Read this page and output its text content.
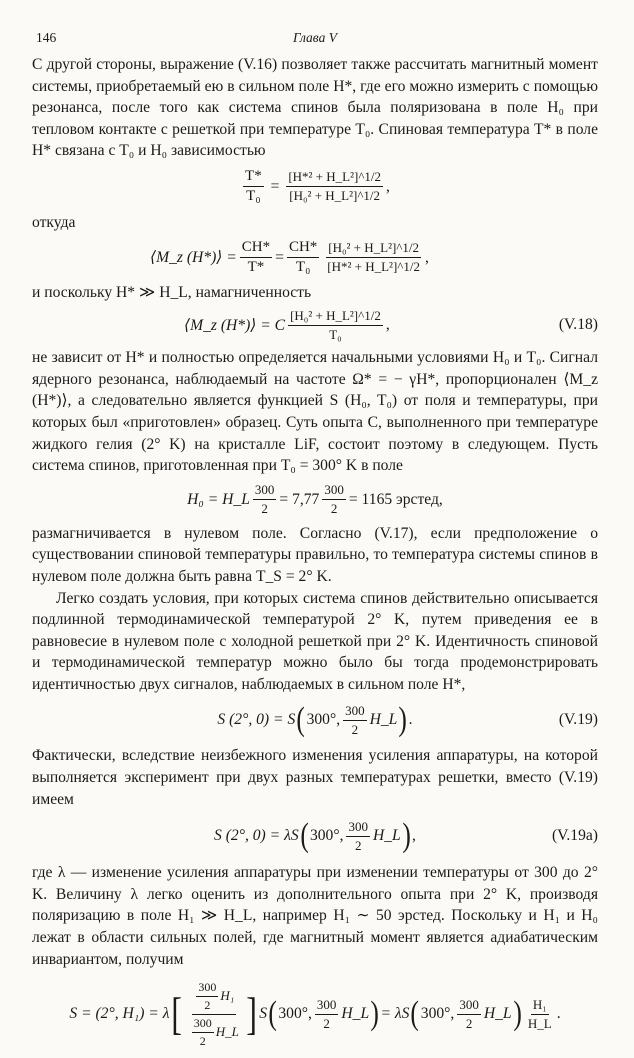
146	Глава V

С другой стороны, выражение (V.16) позволяет также рассчитать магнитный момент системы, приобретаемый ею в сильном поле H*, где его можно измерить с помощью резонанса, после того как система спинов была поляризована в поле H₀ при тепловом контакте с решеткой при температуре T₀. Спиновая температура T* в поле H* связана с T₀ и H₀ зависимостью

$\frac{T*}{\text{T₀}} = \frac{\text{[H*² + H\_L²]\textasciicircum{}1/2}}{\text{[H₀² + H\_L²]\textasciicircum{}1/2}}$ ,

откуда

⟨M_z (H*)⟩ = $\frac{CH*}{T*} = \frac{CH*}{\text{T₀}} \frac{\text{[H₀² + H\_L²]\textasciicircum{}1/2}}{\text{[H*² + H\_L²]\textasciicircum{}1/2}}$ ,

и поскольку H* ≫ H_L, намагниченность

⟨M_z (H*)⟩ = C $\frac{\text{[H₀² + H\_L²]\textasciicircum{}1/2}}{\text{T₀}}$ ,	(V.18)

не зависит от H* и полностью определяется начальными условиями H₀ и T₀. Сигнал ядерного резонанса, наблюдаемый на частоте Ω* = − γH*, пропорционален ⟨M_z (H*)⟩, а следовательно является функцией S (H₀, T₀) от поля и температуры, при которых был «приготовлен» образец. Суть опыта C, выполненного при температуре жидкого гелия (2° K) на кристалле LiF, состоит поэтому в следующем. Пусть система спинов, приготовленная при T₀ = 300° K в поле

H₀ = H_L $\frac{300}{2} = 7,77 \frac{300}{2} = 1165$ эрстед,

размагничивается в нулевом поле. Согласно (V.17), если предположение о существовании спиновой температуры правильно, то температура системы спинов в нулевом поле должна быть равна T_S = 2° K.

Легко создать условия, при которых система спинов действительно описывается подлинной термодинамической температурой 2° K, путем приведения ее в равновесие в нулевом поле с холодной решеткой при 2° K. Идентичность спиновой и термодинамической температур можно было бы тогда продемонстрировать идентичностью двух сигналов, наблюдаемых в сильном поле H*,

S (2°, 0) = S ( 300°, $\frac{300}{2}$ H_L ) .	(V.19)

Фактически, вследствие неизбежного изменения усиления аппаратуры, на которой выполняется эксперимент при двух разных температурах решетки, вместо (V.19) имеем

S (2°, 0) = λS ( 300°, $\frac{300}{2}$ H_L ) ,	(V.19a)

где λ — изменение усиления аппаратуры при изменении температуры от 300 до 2° K. Величину λ легко оценить из дополнительного опыта при 2° K, производя поляризацию в поле H₁ ≫ H_L, например H₁ ∼ 50 эрстед. Поскольку и H₁ и H₀ лежат в области сильных полей, где магнитный момент является адиабатическим инвариантом, получим

S = (2°, H₁) = λ [ $\frac{\frac{300}{2} H_1}{\frac{300}{2} H\_L}$ ] S ( 300°, $\frac{300}{2}$ H_L ) = λS ( 300°, $\frac{300}{2}$ H_L ) $\frac{\text{H₁}}{H\_L}$ .
